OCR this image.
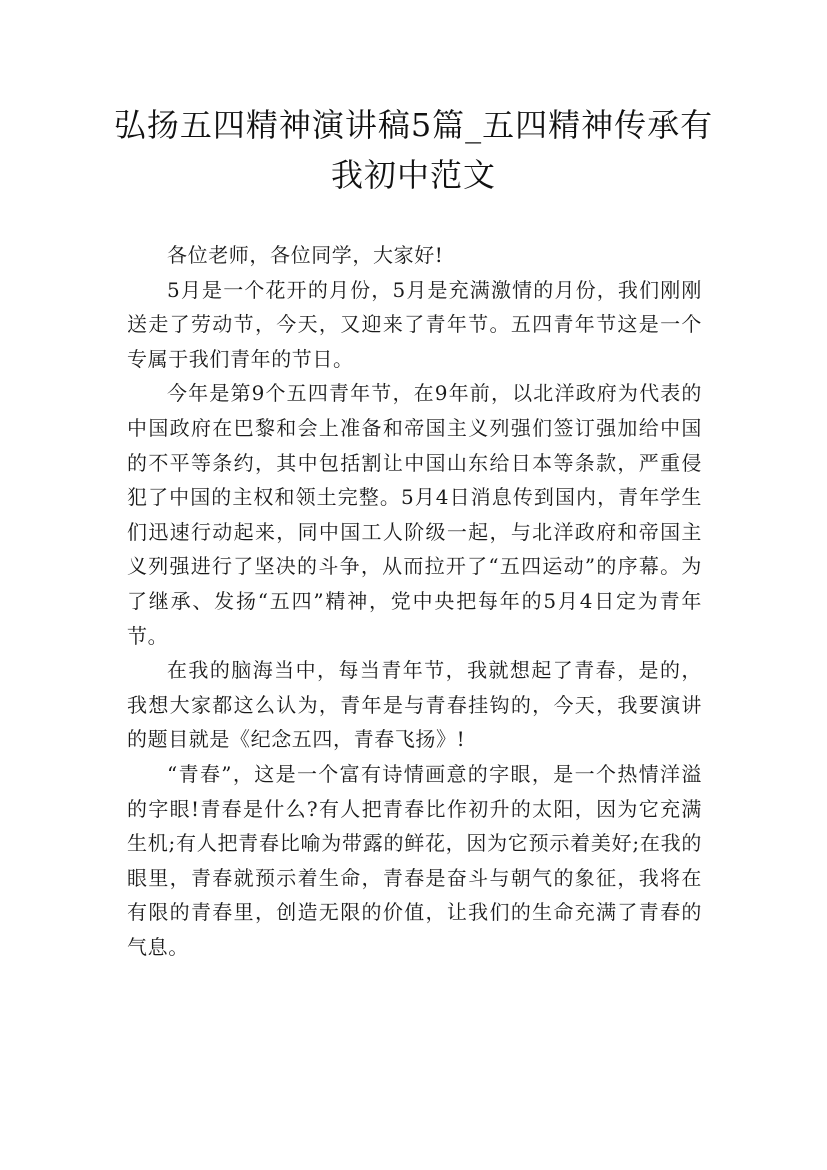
弘扬五四精神演讲稿5篇_五四精神传承有我初中范文

各位老师，各位同学，大家好!

5月是一个花开的月份，5月是充满激情的月份，我们刚刚送走了劳动节，今天，又迎来了青年节。五四青年节这是一个专属于我们青年的节日。

今年是第9个五四青年节，在9年前，以北洋政府为代表的中国政府在巴黎和会上准备和帝国主义列强们签订强加给中国的不平等条约，其中包括割让中国山东给日本等条款，严重侵犯了中国的主权和领土完整。5月4日消息传到国内，青年学生们迅速行动起来，同中国工人阶级一起，与北洋政府和帝国主义列强进行了坚决的斗争，从而拉开了“五四运动”的序幕。为了继承、发扬“五四”精神，党中央把每年的5月4日定为青年节。

在我的脑海当中，每当青年节，我就想起了青春，是的，我想大家都这么认为，青年是与青春挂钩的，今天，我要演讲的题目就是《纪念五四，青春飞扬》!

“青春”，这是一个富有诗情画意的字眼，是一个热情洋溢的字眼!青春是什么?有人把青春比作初升的太阳，因为它充满生机;有人把青春比喻为带露的鲜花，因为它预示着美好;在我的眼里，青春就预示着生命，青春是奋斗与朝气的象征，我将在有限的青春里，创造无限的价值，让我们的生命充满了青春的气息。
